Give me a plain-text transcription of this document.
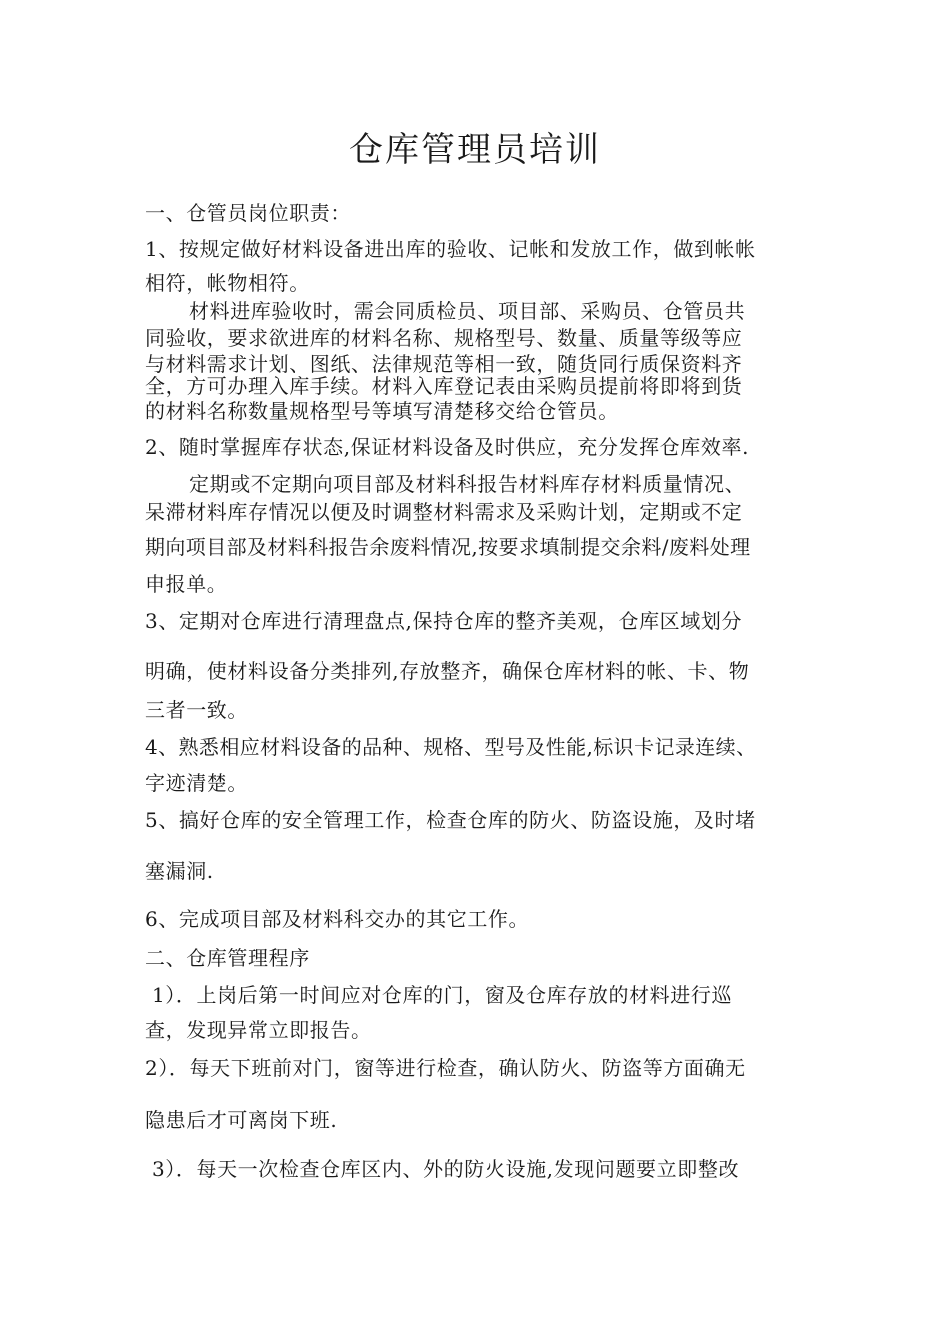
仓库管理员培训
一、仓管员岗位职责：
1、按规定做好材料设备进出库的验收、记帐和发放工作，做到帐帐
相符，帐物相符。
材料进库验收时，需会同质检员、项目部、采购员、仓管员共
同验收，要求欲进库的材料名称、规格型号、数量、质量等级等应
与材料需求计划、图纸、法律规范等相一致，随货同行质保资料齐
全，方可办理入库手续。材料入库登记表由采购员提前将即将到货
的材料名称数量规格型号等填写清楚移交给仓管员。
2、随时掌握库存状态,保证材料设备及时供应，充分发挥仓库效率.
定期或不定期向项目部及材料科报告材料库存材料质量情况、
呆滞材料库存情况以便及时调整材料需求及采购计划，定期或不定
期向项目部及材料科报告余废料情况,按要求填制提交余料/废料处理
申报单。
3、定期对仓库进行清理盘点,保持仓库的整齐美观，仓库区域划分
明确，使材料设备分类排列,存放整齐，确保仓库材料的帐、卡、物
三者一致。
4、熟悉相应材料设备的品种、规格、型号及性能,标识卡记录连续、
字迹清楚。
5、搞好仓库的安全管理工作，检查仓库的防火、防盗设施，及时堵
塞漏洞.
6、完成项目部及材料科交办的其它工作。
二、仓库管理程序
1）．上岗后第一时间应对仓库的门，窗及仓库存放的材料进行巡
查，发现异常立即报告。
2）．每天下班前对门，窗等进行检查，确认防火、防盗等方面确无
隐患后才可离岗下班.
3）．每天一次检查仓库区内、外的防火设施,发现问题要立即整改
